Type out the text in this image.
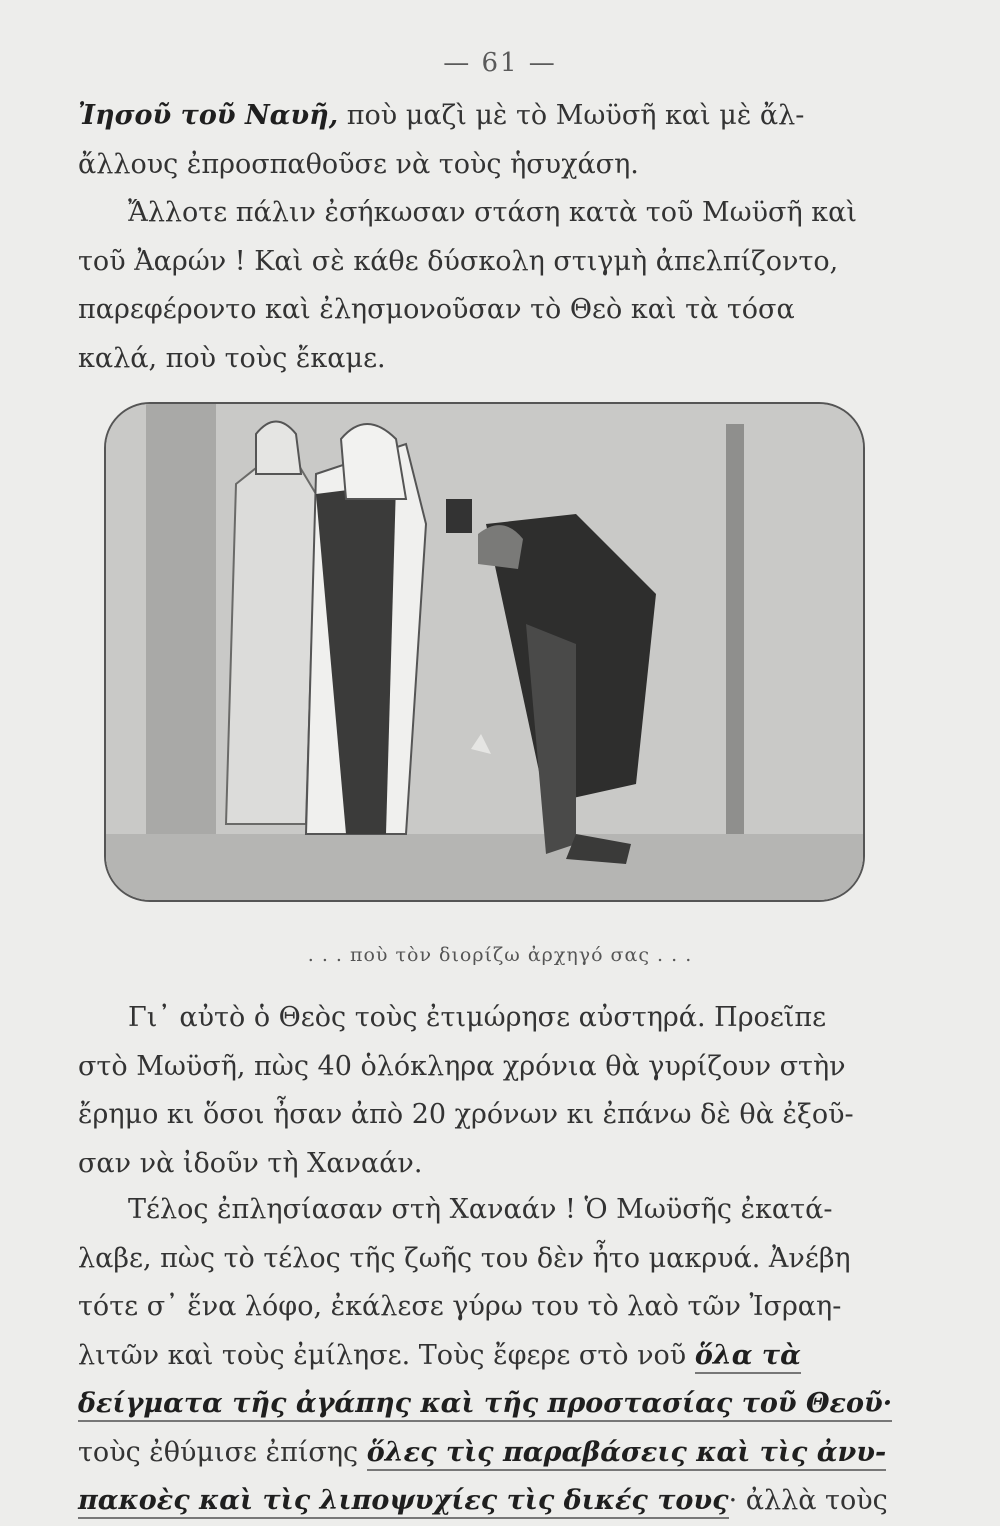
— 61 —
Ἰησοῦ τοῦ Ναυῆ, ποὺ μαζὶ μὲ τὸ Μωϋσῆ καὶ μὲ ἄλ-
ἄλλους ἐπροσπαθοῦσε νὰ τοὺς ἡσυχάση.
Ἄλλοτε πάλιν ἐσήκωσαν στάση κατὰ τοῦ Μωϋσῆ καὶ
τοῦ Ἀαρών ! Καὶ σὲ κάθε δύσκολη στιγμὴ ἀπελπίζοντο,
παρεφέροντο καὶ ἐλησμονοῦσαν τὸ Θεὸ καὶ τὰ τόσα
καλά, ποὺ τοὺς ἔκαμε.
. . . ποὺ τὸν διορίζω ἀρχηγό σας . . .
Γι᾽ αὐτὸ ὁ Θεὸς τοὺς ἐτιμώρησε αὐστηρά. Προεῖπε
στὸ Μωϋσῆ, πὼς 40 ὁλόκληρα χρόνια θὰ γυρίζουν στὴν
ἔρημο κι ὅσοι ἦσαν ἀπὸ 20 χρόνων κι ἐπάνω δὲ θὰ ἐξοῦ-
σαν νὰ ἰδοῦν τὴ Χαναάν.
Τέλος ἐπλησίασαν στὴ Χαναάν ! Ὁ Μωϋσῆς ἐκατά-
λαβε, πὼς τὸ τέλος τῆς ζωῆς του δὲν ἦτο μακρυά. Ἀνέβη
τότε σ᾽ ἕνα λόφο, ἐκάλεσε γύρω του τὸ λαὸ τῶν Ἰσραη-
λιτῶν καὶ τοὺς ἐμίλησε. Τοὺς ἔφερε στὸ νοῦ ὅλα τὰ
δείγματα τῆς ἀγάπης καὶ τῆς προστασίας τοῦ Θεοῦ·
τοὺς ἐθύμισε ἐπίσης ὅλες τὶς παραβάσεις καὶ τὶς ἀνυ-
πακοὲς καὶ τὶς λιποψυχίες τὶς δικές τους· ἀλλὰ τοὺς
